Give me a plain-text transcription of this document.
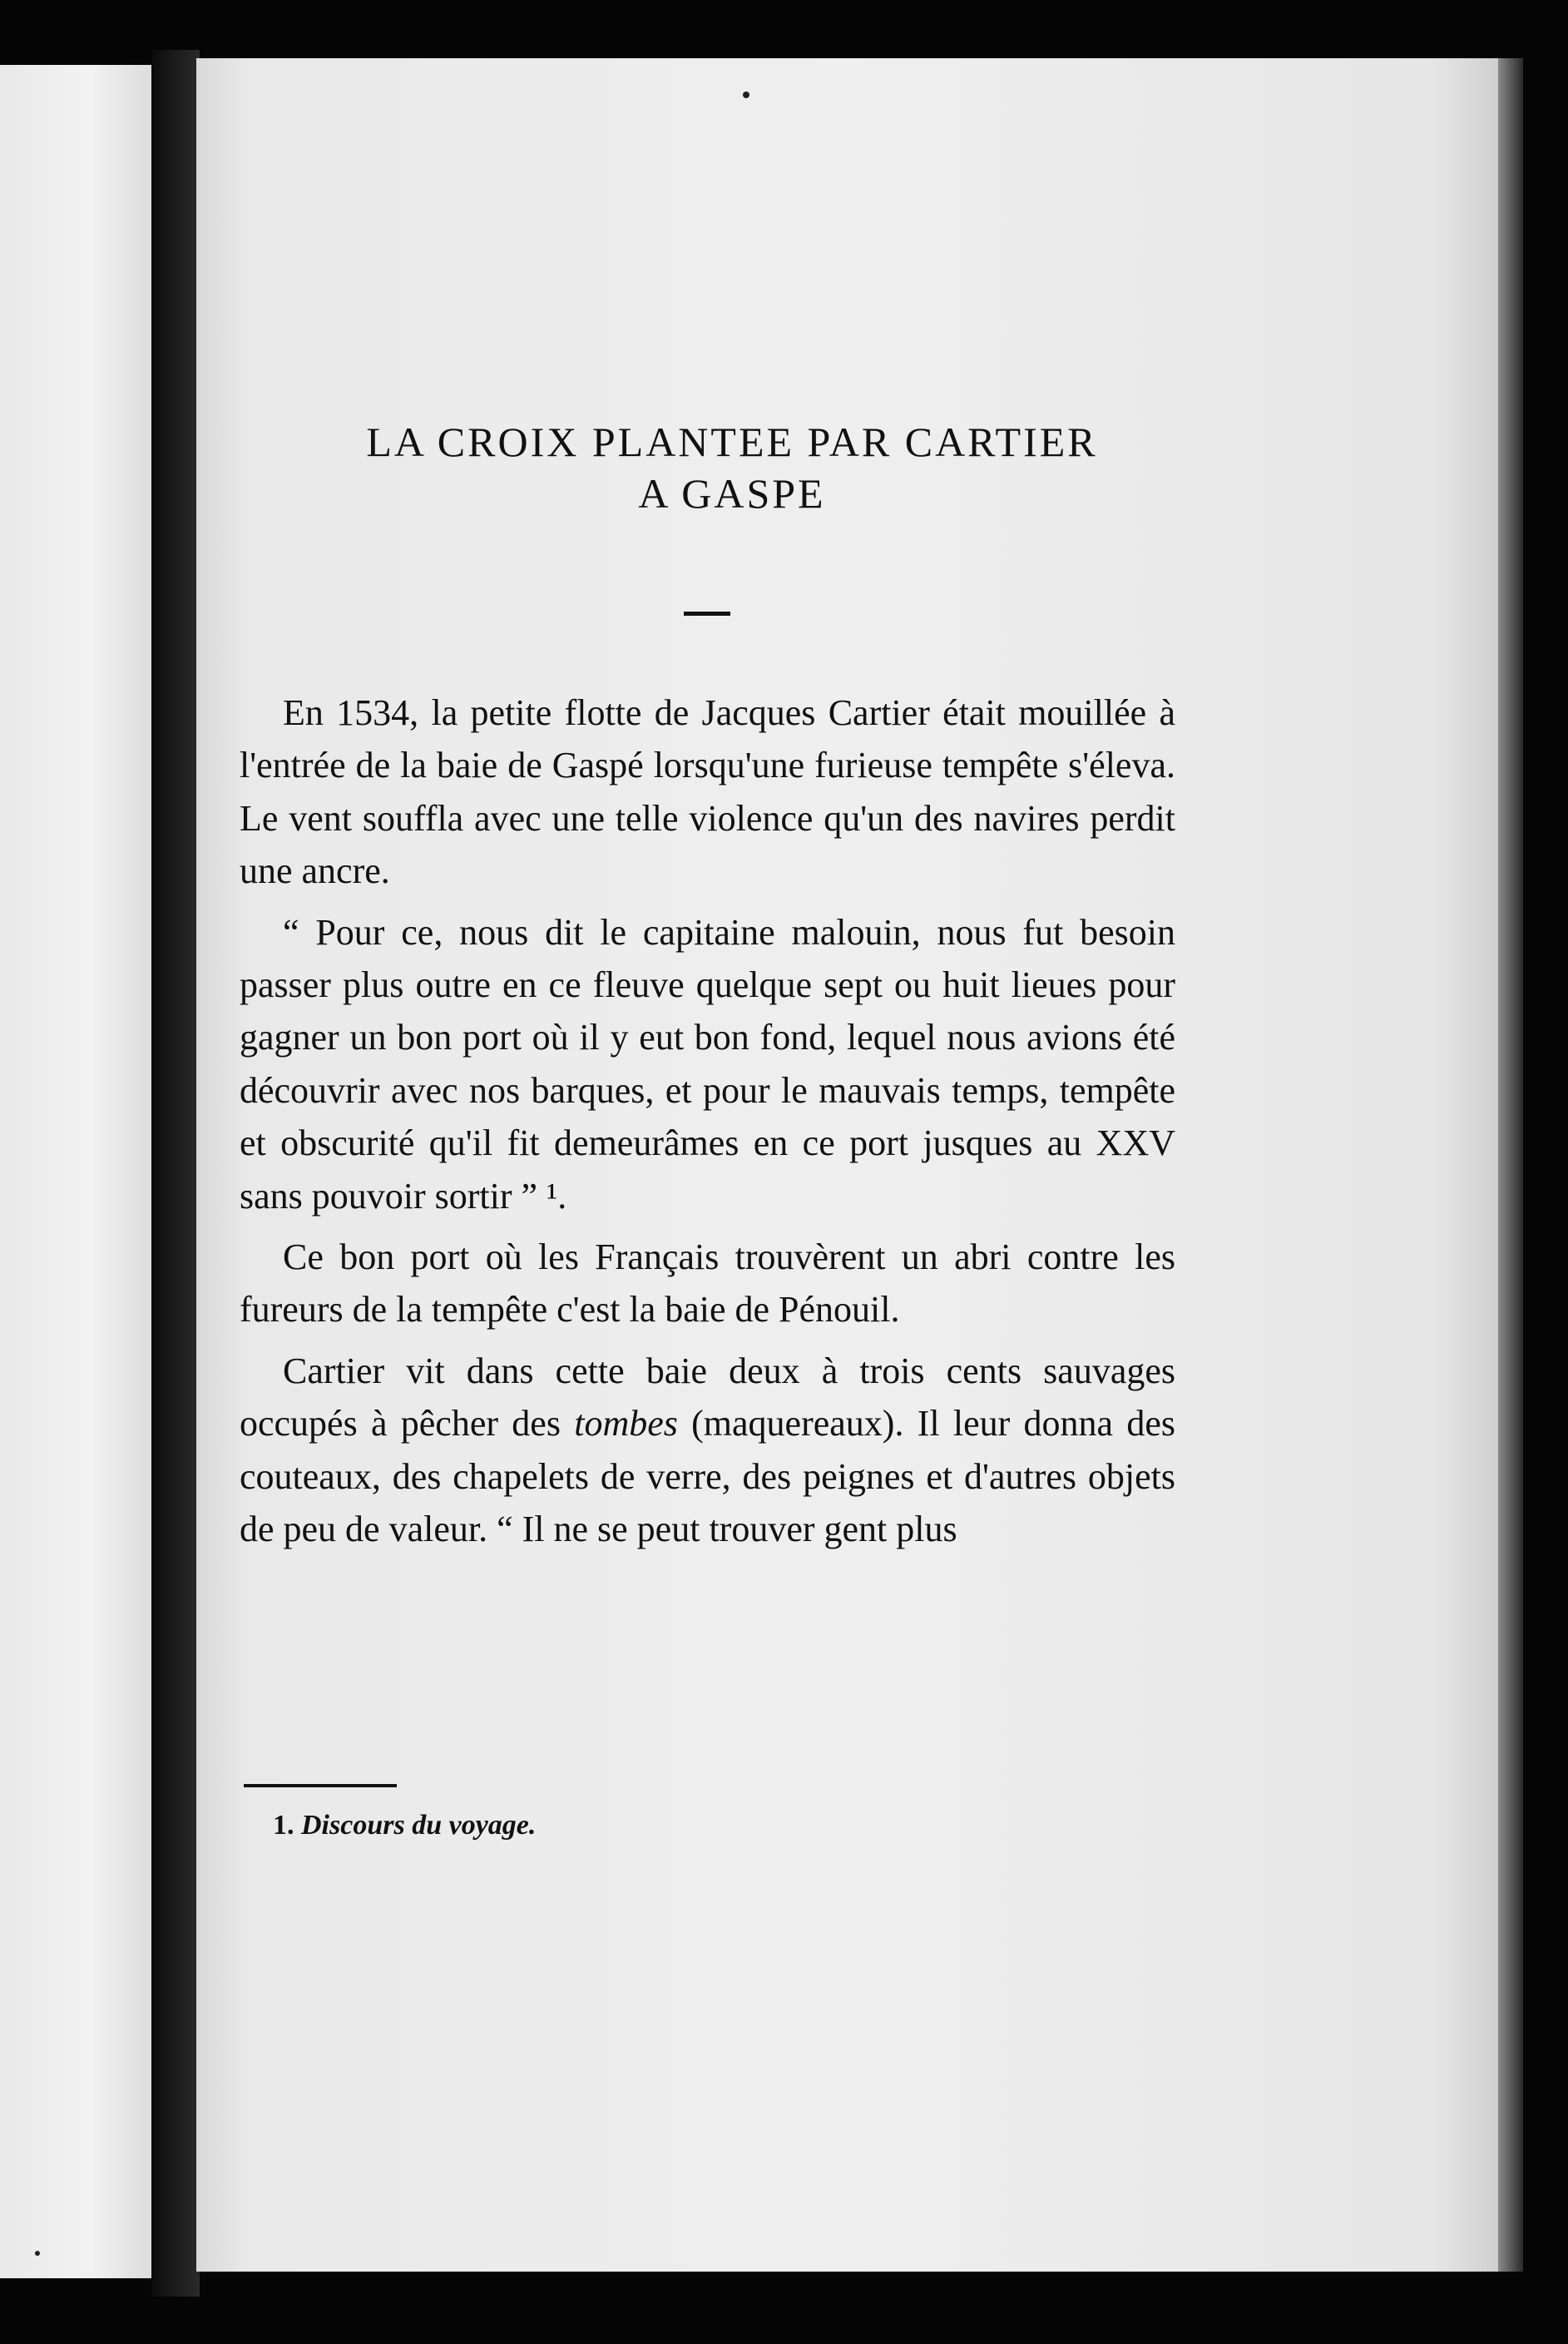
LA CROIX PLANTEE PAR CARTIER
A GASPE

En 1534, la petite flotte de Jacques Cartier était mouillée à l'entrée de la baie de Gaspé lorsqu'une furieuse tempête s'éleva. Le vent souffla avec une telle violence qu'un des navires perdit une ancre.

“ Pour ce, nous dit le capitaine malouin, nous fut besoin passer plus outre en ce fleuve quelque sept ou huit lieues pour gagner un bon port où il y eut bon fond, lequel nous avions été découvrir avec nos barques, et pour le mauvais temps, tempête et obscurité qu'il fit demeurâmes en ce port jusques au XXV sans pouvoir sortir ” ¹.

Ce bon port où les Français trouvèrent un abri contre les fureurs de la tempête c'est la baie de Pénouil.

Cartier vit dans cette baie deux à trois cents sauvages occupés à pêcher des tombes (maquereaux). Il leur donna des couteaux, des chapelets de verre, des peignes et d'autres objets de peu de valeur. “ Il ne se peut trouver gent plus

1. Discours du voyage.
